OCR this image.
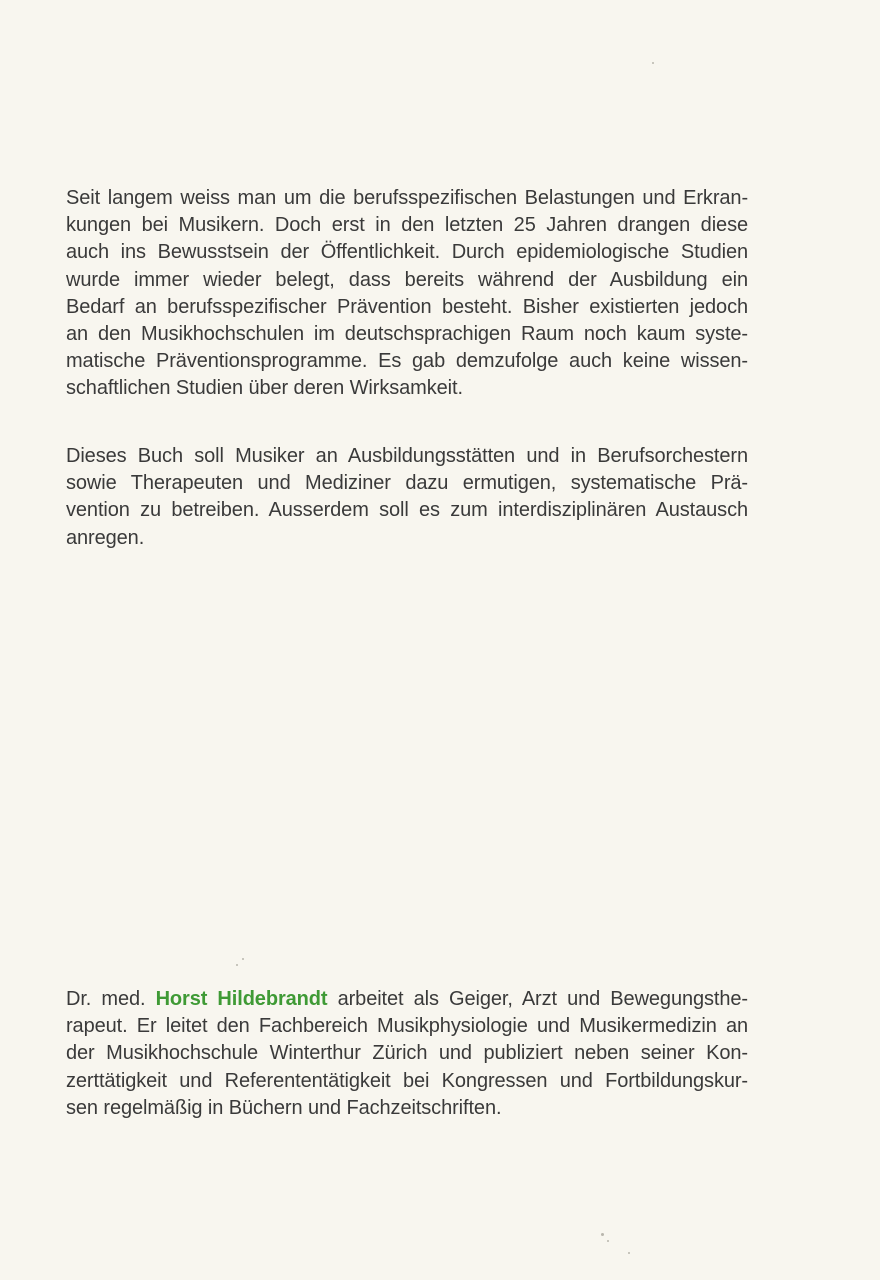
Seit langem weiss man um die berufsspezifischen Belastungen und Erkran-
kungen bei Musikern. Doch erst in den letzten 25 Jahren drangen diese
auch ins Bewusstsein der Öffentlichkeit. Durch epidemiologische Studien
wurde immer wieder belegt, dass bereits während der Ausbildung ein
Bedarf an berufsspezifischer Prävention besteht. Bisher existierten jedoch
an den Musikhochschulen im deutschsprachigen Raum noch kaum syste-
matische Präventionsprogramme. Es gab demzufolge auch keine wissen-
schaftlichen Studien über deren Wirksamkeit.
Dieses Buch soll Musiker an Ausbildungsstätten und in Berufsorchestern
sowie Therapeuten und Mediziner dazu ermutigen, systematische Prä-
vention zu betreiben. Ausserdem soll es zum interdisziplinären Austausch
anregen.
Dr. med. Horst Hildebrandt arbeitet als Geiger, Arzt und Bewegungsthe-
rapeut. Er leitet den Fachbereich Musikphysiologie und Musikermedizin an
der Musikhochschule Winterthur Zürich und publiziert neben seiner Kon-
zerttätigkeit und Referententätigkeit bei Kongressen und Fortbildungskur-
sen regelmäßig in Büchern und Fachzeitschriften.
